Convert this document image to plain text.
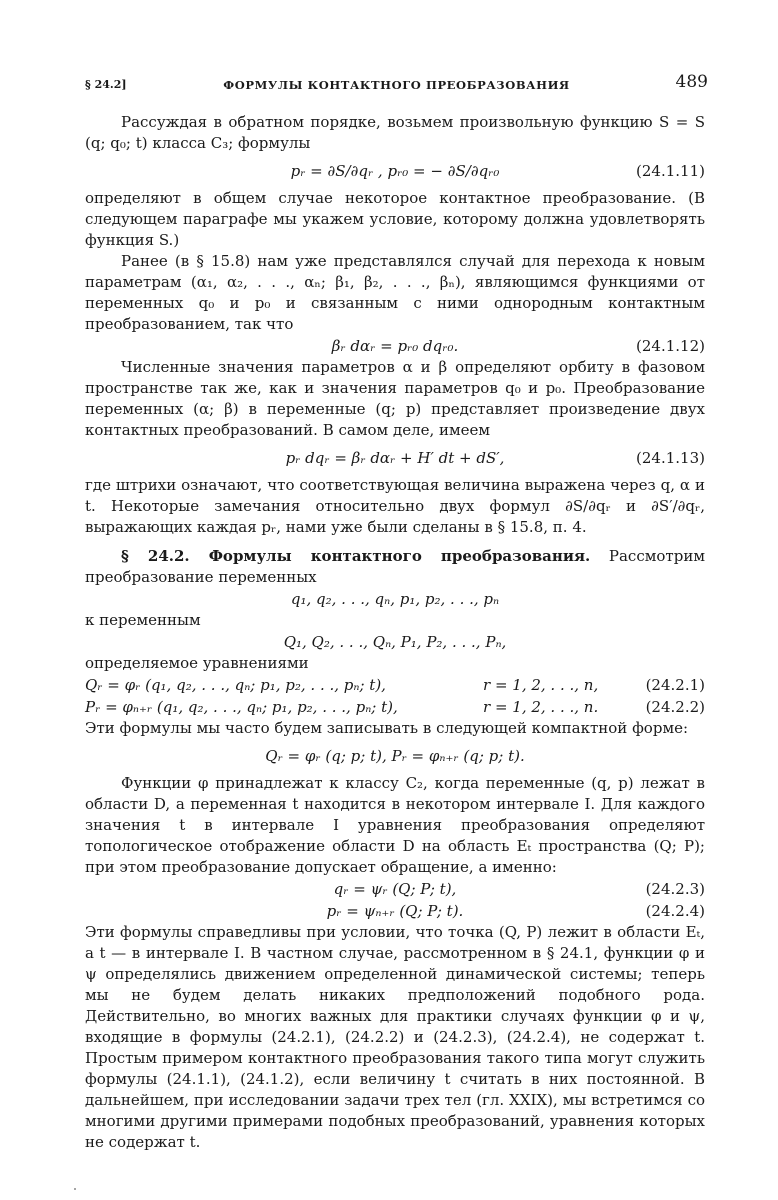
§ 24.2]	ФОРМУЛЫ КОНТАКТНОГО ПРЕОБРАЗОВАНИЯ	489

Рассуждая в обратном порядке, возьмем произвольную функцию S = S (q; q₀; t) класса C₃; формулы

pᵣ = ∂S/∂qᵣ , pᵣ₀ = − ∂S/∂qᵣ₀	(24.1.11)

определяют в общем случае некоторое контактное преобразование. (В следующем параграфе мы укажем условие, которому должна удовлетворять функция S.)

Ранее (в § 15.8) нам уже представлялся случай для перехода к новым параметрам (α₁, α₂, . . ., αₙ; β₁, β₂, . . ., βₙ), являющимся функциями от переменных q₀ и p₀ и связанным с ними однородным контактным преобразованием, так что

βᵣ dαᵣ = pᵣ₀ dqᵣ₀.	(24.1.12)

Численные значения параметров α и β определяют орбиту в фазовом пространстве так же, как и значения параметров q₀ и p₀. Преобразование переменных (α; β) в переменные (q; p) представляет произведение двух контактных преобразований. В самом деле, имеем

pᵣ dqᵣ = βᵣ dαᵣ + H′ dt + dS′,	(24.1.13)

где штрихи означают, что соответствующая величина выражена через q, α и t. Некоторые замечания относительно двух формул ∂S/∂qᵣ и ∂S′/∂qᵣ, выражающих каждая pᵣ, нами уже были сделаны в § 15.8, п. 4.

§ 24.2. Формулы контактного преобразования. Рассмотрим преобразование переменных

q₁, q₂, . . ., qₙ, p₁, p₂, . . ., pₙ

к переменным

Q₁, Q₂, . . ., Qₙ, P₁, P₂, . . ., Pₙ,

определяемое уравнениями

Qᵣ = φᵣ (q₁, q₂, . . ., qₙ; p₁, p₂, . . ., pₙ; t),	r = 1, 2, . . ., n,	(24.2.1)
Pᵣ = φₙ₊ᵣ (q₁, q₂, . . ., qₙ; p₁, p₂, . . ., pₙ; t),	r = 1, 2, . . ., n.	(24.2.2)

Эти формулы мы часто будем записывать в следующей компактной форме:

Qᵣ = φᵣ (q; p; t), Pᵣ = φₙ₊ᵣ (q; p; t).

Функции φ принадлежат к классу C₂, когда переменные (q, p) лежат в области D, а переменная t находится в некотором интервале I. Для каждого значения t в интервале I уравнения преобразования определяют топологическое отображение области D на область Eₜ пространства (Q; P); при этом преобразование допускает обращение, а именно:

qᵣ = ψᵣ (Q; P; t),	(24.2.3)
pᵣ = ψₙ₊ᵣ (Q; P; t).	(24.2.4)

Эти формулы справедливы при условии, что точка (Q, P) лежит в области Eₜ, а t — в интервале I. В частном случае, рассмотренном в § 24.1, функции φ и ψ определялись движением определенной динамической системы; теперь мы не будем делать никаких предположений подобного рода. Действительно, во многих важных для практики случаях функции φ и ψ, входящие в формулы (24.2.1), (24.2.2) и (24.2.3), (24.2.4), не содержат t. Простым примером контактного преобразования такого типа могут служить формулы (24.1.1), (24.1.2), если величину t считать в них постоянной. В дальнейшем, при исследовании задачи трех тел (гл. XXIX), мы встретимся со многими другими примерами подобных преобразований, уравнения которых не содержат t.
